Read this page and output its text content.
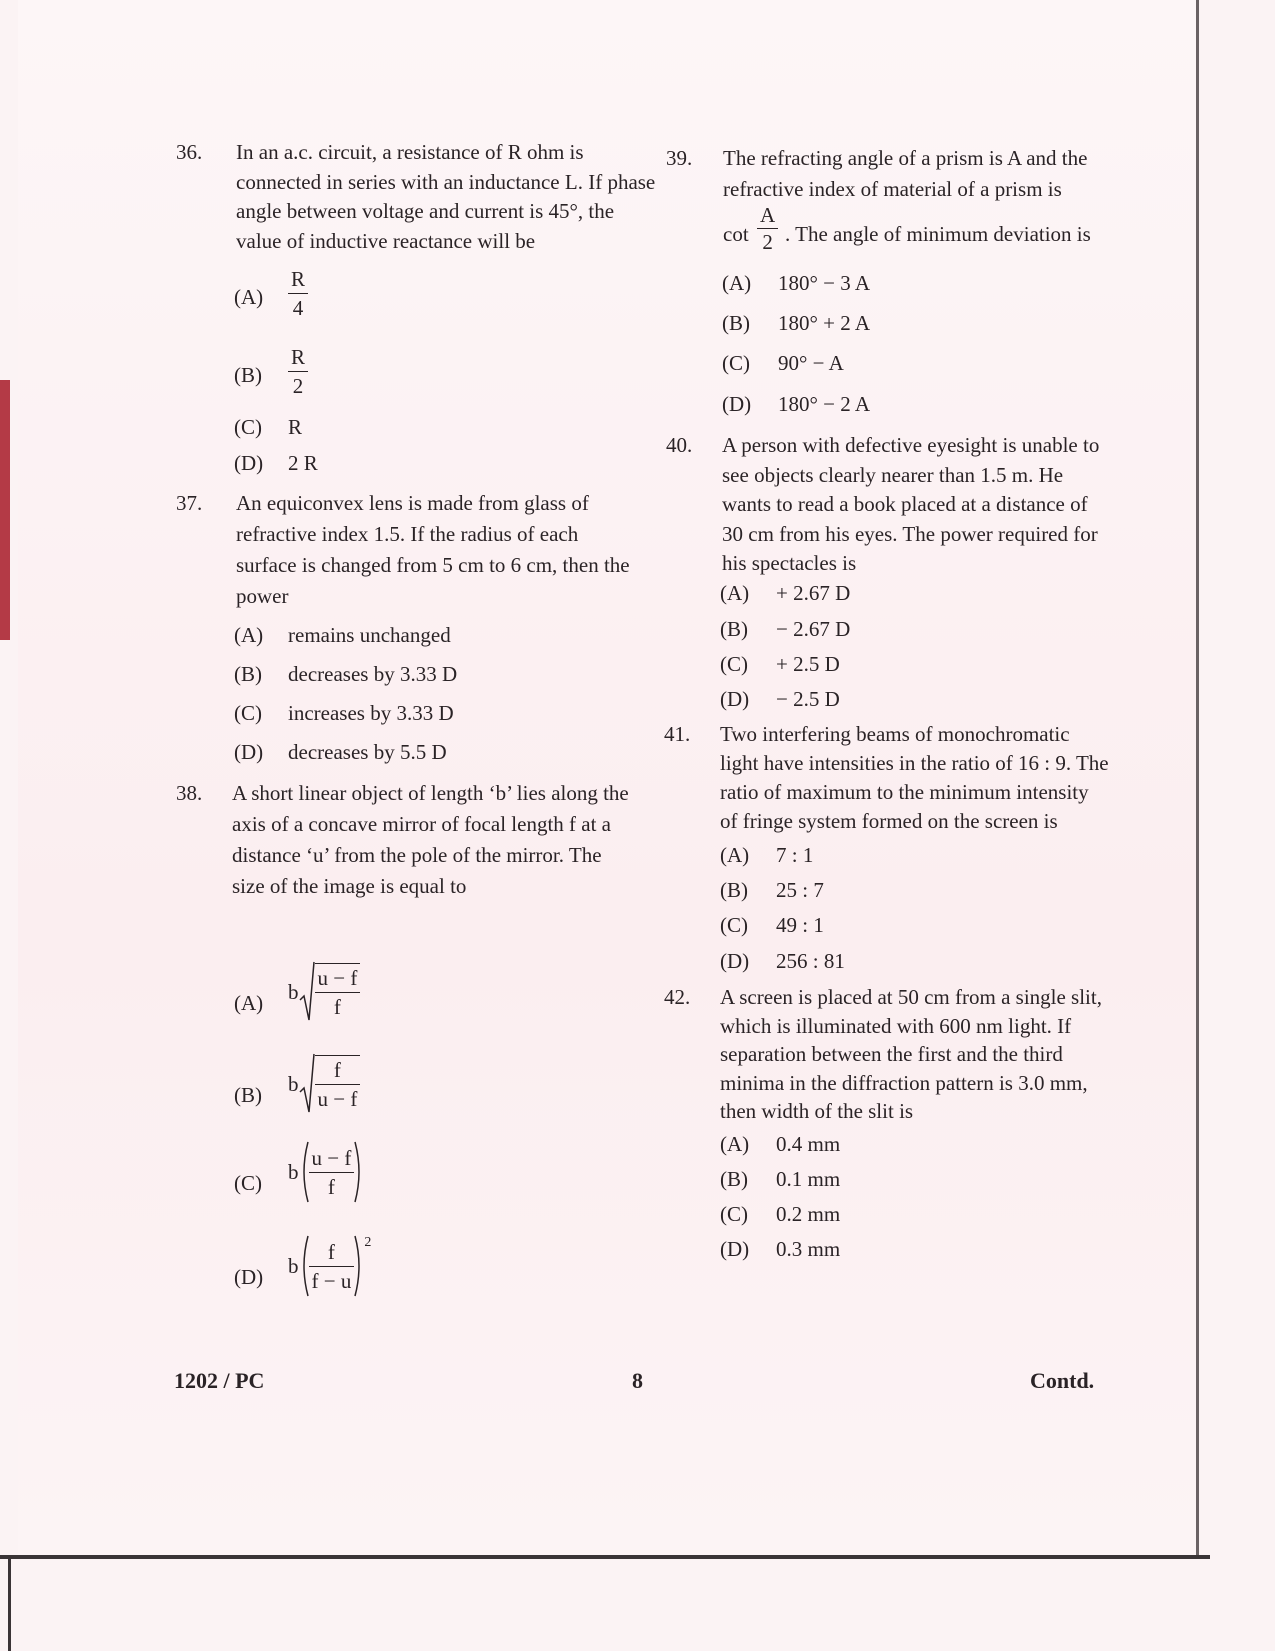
36. In an a.c. circuit, a resistance of R ohm is connected in series with an inductance L. If phase angle between voltage and current is 45°, the value of inductive reactance will be
$(A) \frac{R}{4}$
$(B) \frac{R}{2}$
(C) R
(D) 2 R
37. An equiconvex lens is made from glass of refractive index 1.5. If the radius of each surface is changed from 5 cm to 6 cm, then the power
(A) remains unchanged
(B) decreases by 3.33 D
(C) increases by 3.33 D
(D) decreases by 5.5 D
38. A short linear object of length ‘b’ lies along the axis of a concave mirror of focal length f at a distance ‘u’ from the pole of the mirror. The size of the image is equal to
(A) b $\frac{u - f}{f}$
(B) b $\frac{f}{u - f}$
(C) b $\frac{u - f}{f}$
(D) b $\frac{f}{f - u} ^2$
39. The refracting angle of a prism is A and the refractive index of material of a prism is
$\cot \frac{A}{2}$ . The angle of minimum deviation is
(A) 180° − 3 A
(B) 180° + 2 A
(C) 90° − A
(D) 180° − 2 A
40. A person with defective eyesight is unable to see objects clearly nearer than 1.5 m. He wants to read a book placed at a distance of 30 cm from his eyes. The power required for his spectacles is
(A) + 2.67 D
(B) − 2.67 D
(C) + 2.5 D
(D) − 2.5 D
41. Two interfering beams of monochromatic light have intensities in the ratio of 16 : 9. The ratio of maximum to the minimum intensity of fringe system formed on the screen is
(A) 7 : 1
(B) 25 : 7
(C) 49 : 1
(D) 256 : 81
42. A screen is placed at 50 cm from a single slit, which is illuminated with 600 nm light. If separation between the first and the third minima in the diffraction pattern is 3.0 mm, then width of the slit is
(A) 0.4 mm
(B) 0.1 mm
(C) 0.2 mm
(D) 0.3 mm
1202 / PC	8	Contd.
